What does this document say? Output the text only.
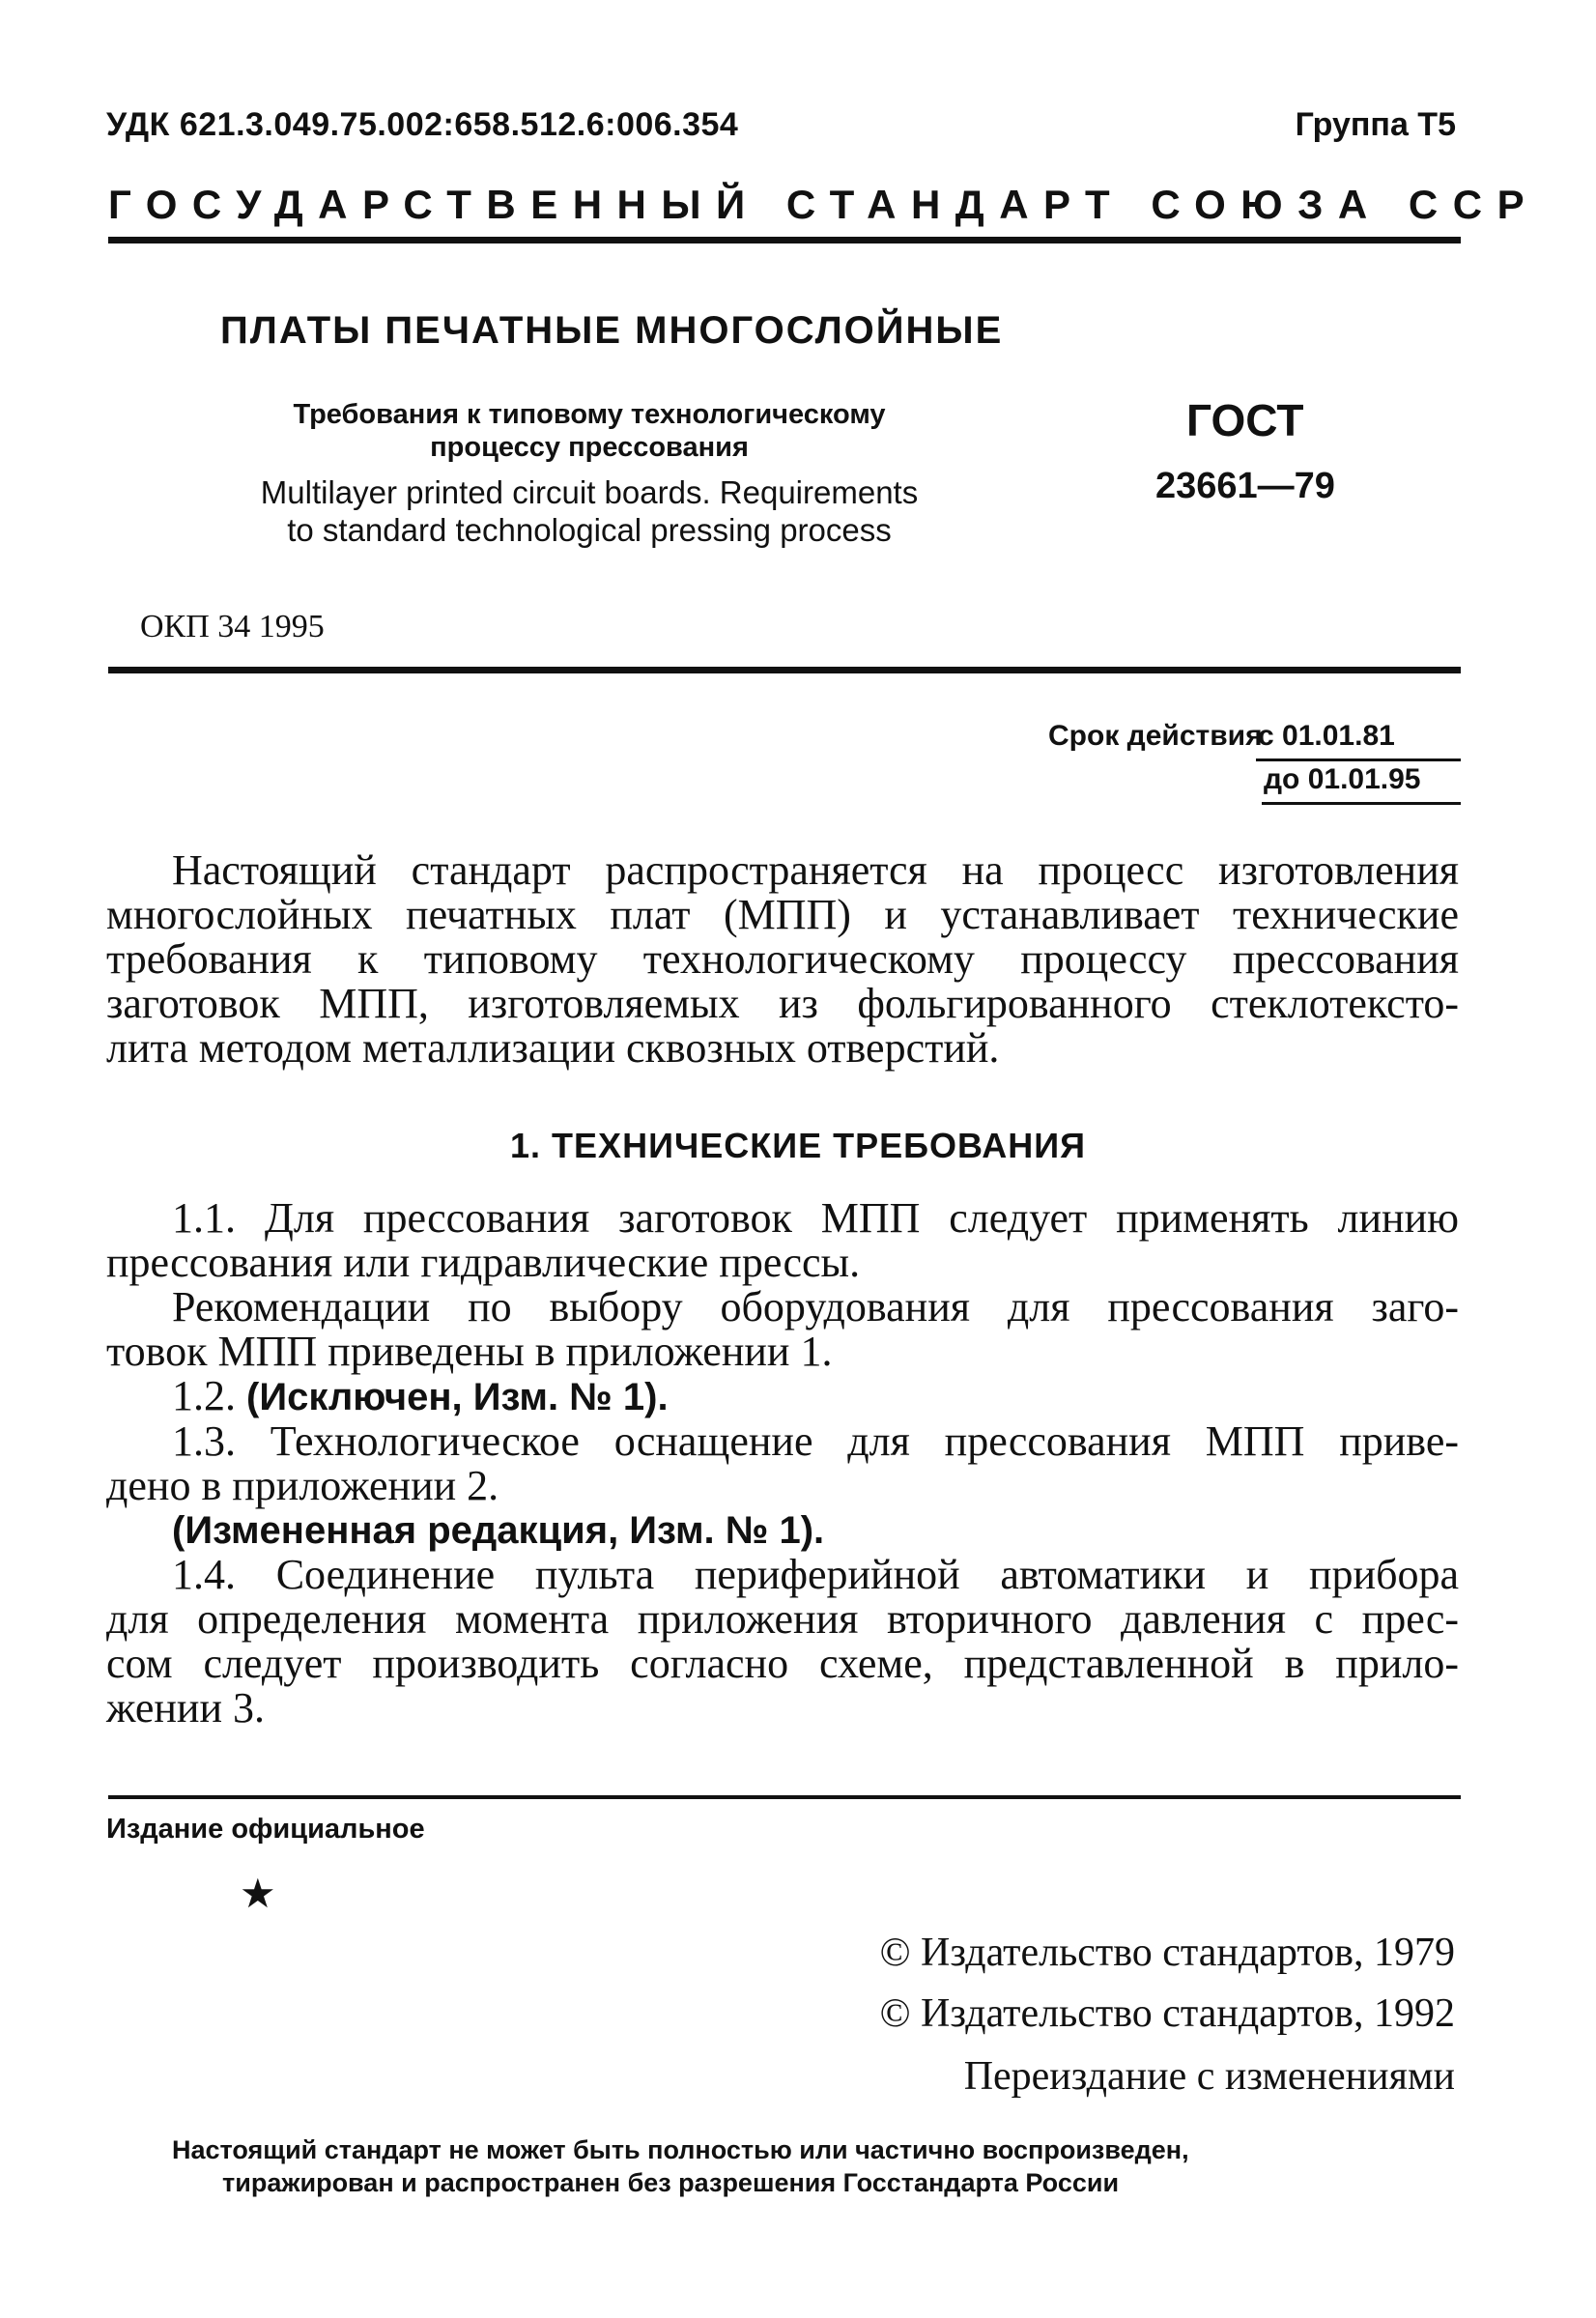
УДК 621.3.049.75.002:658.512.6:006.354	Группа Т5
ГОСУДАРСТВЕННЫЙ СТАНДАРТ СОЮЗА ССР
ПЛАТЫ ПЕЧАТНЫЕ МНОГОСЛОЙНЫЕ
Требования к типовому технологическому
процессу прессования
Multilayer printed circuit boards. Requirements
to standard technological pressing process
ГОСТ
23661—79
ОКП 34 1995
Срок действия
с 01.01.81
до 01.01.95
Настоящий стандарт распространяется на процесс изготовления
многослойных печатных плат (МПП) и устанавливает технические
требования к типовому технологическому процессу прессования
заготовок МПП, изготовляемых из фольгированного стеклотексто-
лита методом металлизации сквозных отверстий.
1. ТЕХНИЧЕСКИЕ ТРЕБОВАНИЯ
1.1. Для прессования заготовок МПП следует применять линию
прессования или гидравлические прессы.
Рекомендации по выбору оборудования для прессования заго-
товок МПП приведены в приложении 1.
1.2. (Исключен, Изм. № 1).
1.3. Технологическое оснащение для прессования МПП приве-
дено в приложении 2.
(Измененная редакция, Изм. № 1).
1.4. Соединение пульта периферийной автоматики и прибора
для определения момента приложения вторичного давления с прес-
сом следует производить согласно схеме, представленной в прило-
жении 3.
Издание официальное
★
© Издательство стандартов, 1979
© Издательство стандартов, 1992
Переиздание с изменениями
Настоящий стандарт не может быть полностью или частично воспроизведен,
тиражирован и распространен без разрешения Госстандарта России
